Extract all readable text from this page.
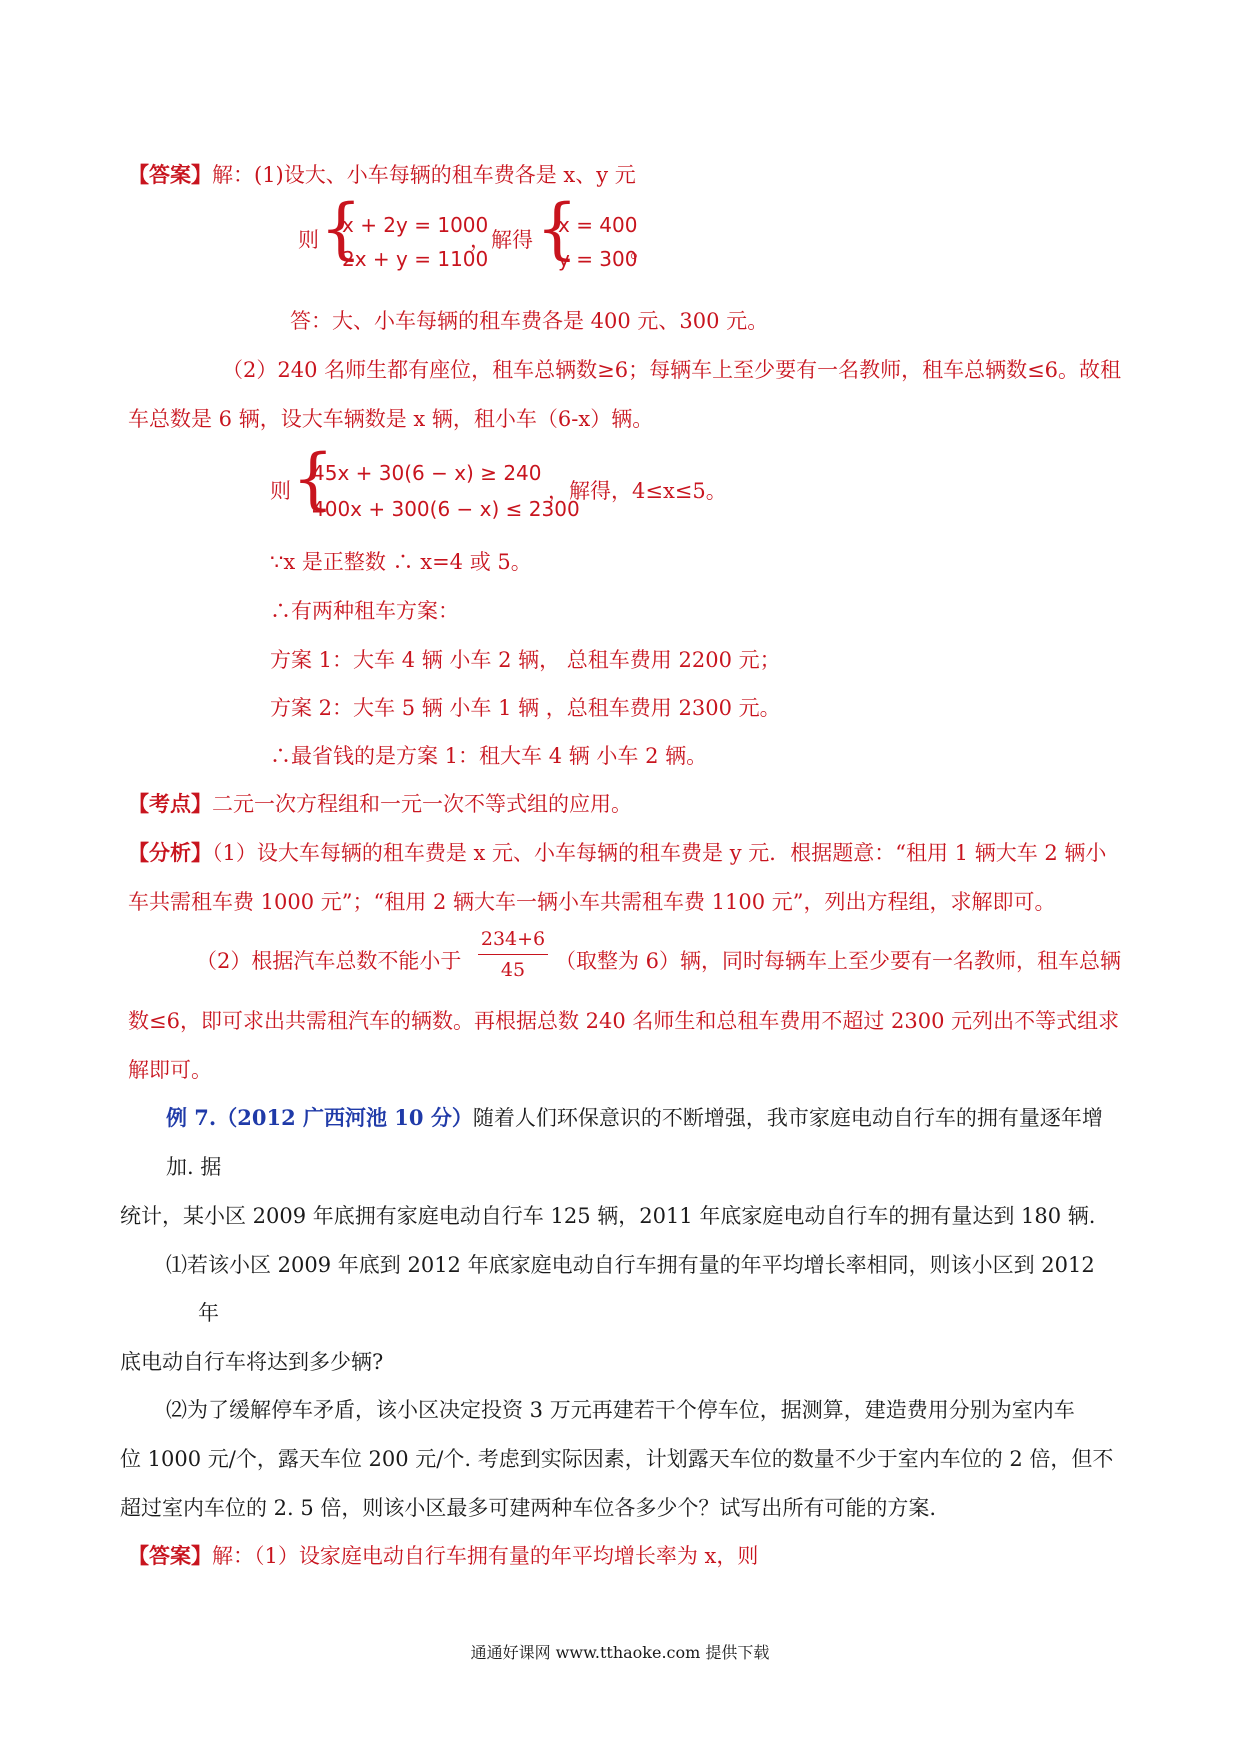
【答案】解：(1)设大、小车每辆的租车费各是 x、y 元
则 {
x + 2y = 1000
2x + y = 1100
，解得 {
x = 400
y = 300
。
答：大、小车每辆的租车费各是 400 元、300 元。
（2）240 名师生都有座位，租车总辆数≥6；每辆车上至少要有一名教师，租车总辆数≤6。故租
车总数是 6 辆，设大车辆数是 x 辆，租小车（6-x）辆。
则 {
45x + 30(6 − x) ≥ 240
400x + 300(6 − x) ≤ 2300
，解得，4≤x≤5。
∵x 是正整数 ∴ x=4 或 5。
∴有两种租车方案：
方案 1：大车 4 辆 小车 2 辆， 总租车费用 2200 元；
方案 2：大车 5 辆 小车 1 辆 ，总租车费用 2300 元。
∴最省钱的是方案 1：租大车 4 辆 小车 2 辆。
【考点】二元一次方程组和一元一次不等式组的应用。
【分析】（1）设大车每辆的租车费是 x 元、小车每辆的租车费是 y 元．根据题意：“租用 1 辆大车 2 辆小
车共需租车费 1000 元”；“租用 2 辆大车一辆小车共需租车费 1100 元”，列出方程组，求解即可。
（2）根据汽车总数不能小于
234+6
45	（取整为 6）辆，同时每辆车上至少要有一名教师，租车总辆
数≤6，即可求出共需租汽车的辆数。再根据总数 240 名师生和总租车费用不超过 2300 元列出不等式组求
解即可。
例 7.（2012 广西河池 10 分）随着人们环保意识的不断增强，我市家庭电动自行车的拥有量逐年增
加. 据
统计，某小区 2009 年底拥有家庭电动自行车 125 辆，2011 年底家庭电动自行车的拥有量达到 180 辆.
⑴若该小区 2009 年底到 2012 年底家庭电动自行车拥有量的年平均增长率相同，则该小区到 2012
年
底电动自行车将达到多少辆?
⑵为了缓解停车矛盾，该小区决定投资 3 万元再建若干个停车位，据测算，建造费用分别为室内车
位 1000 元/个，露天车位 200 元/个. 考虑到实际因素，计划露天车位的数量不少于室内车位的 2 倍，但不
超过室内车位的 2. 5 倍，则该小区最多可建两种车位各多少个？试写出所有可能的方案.
【答案】解：（1）设家庭电动自行车拥有量的年平均增长率为 x，则
通通好课网 www.tthaoke.com 提供下载
